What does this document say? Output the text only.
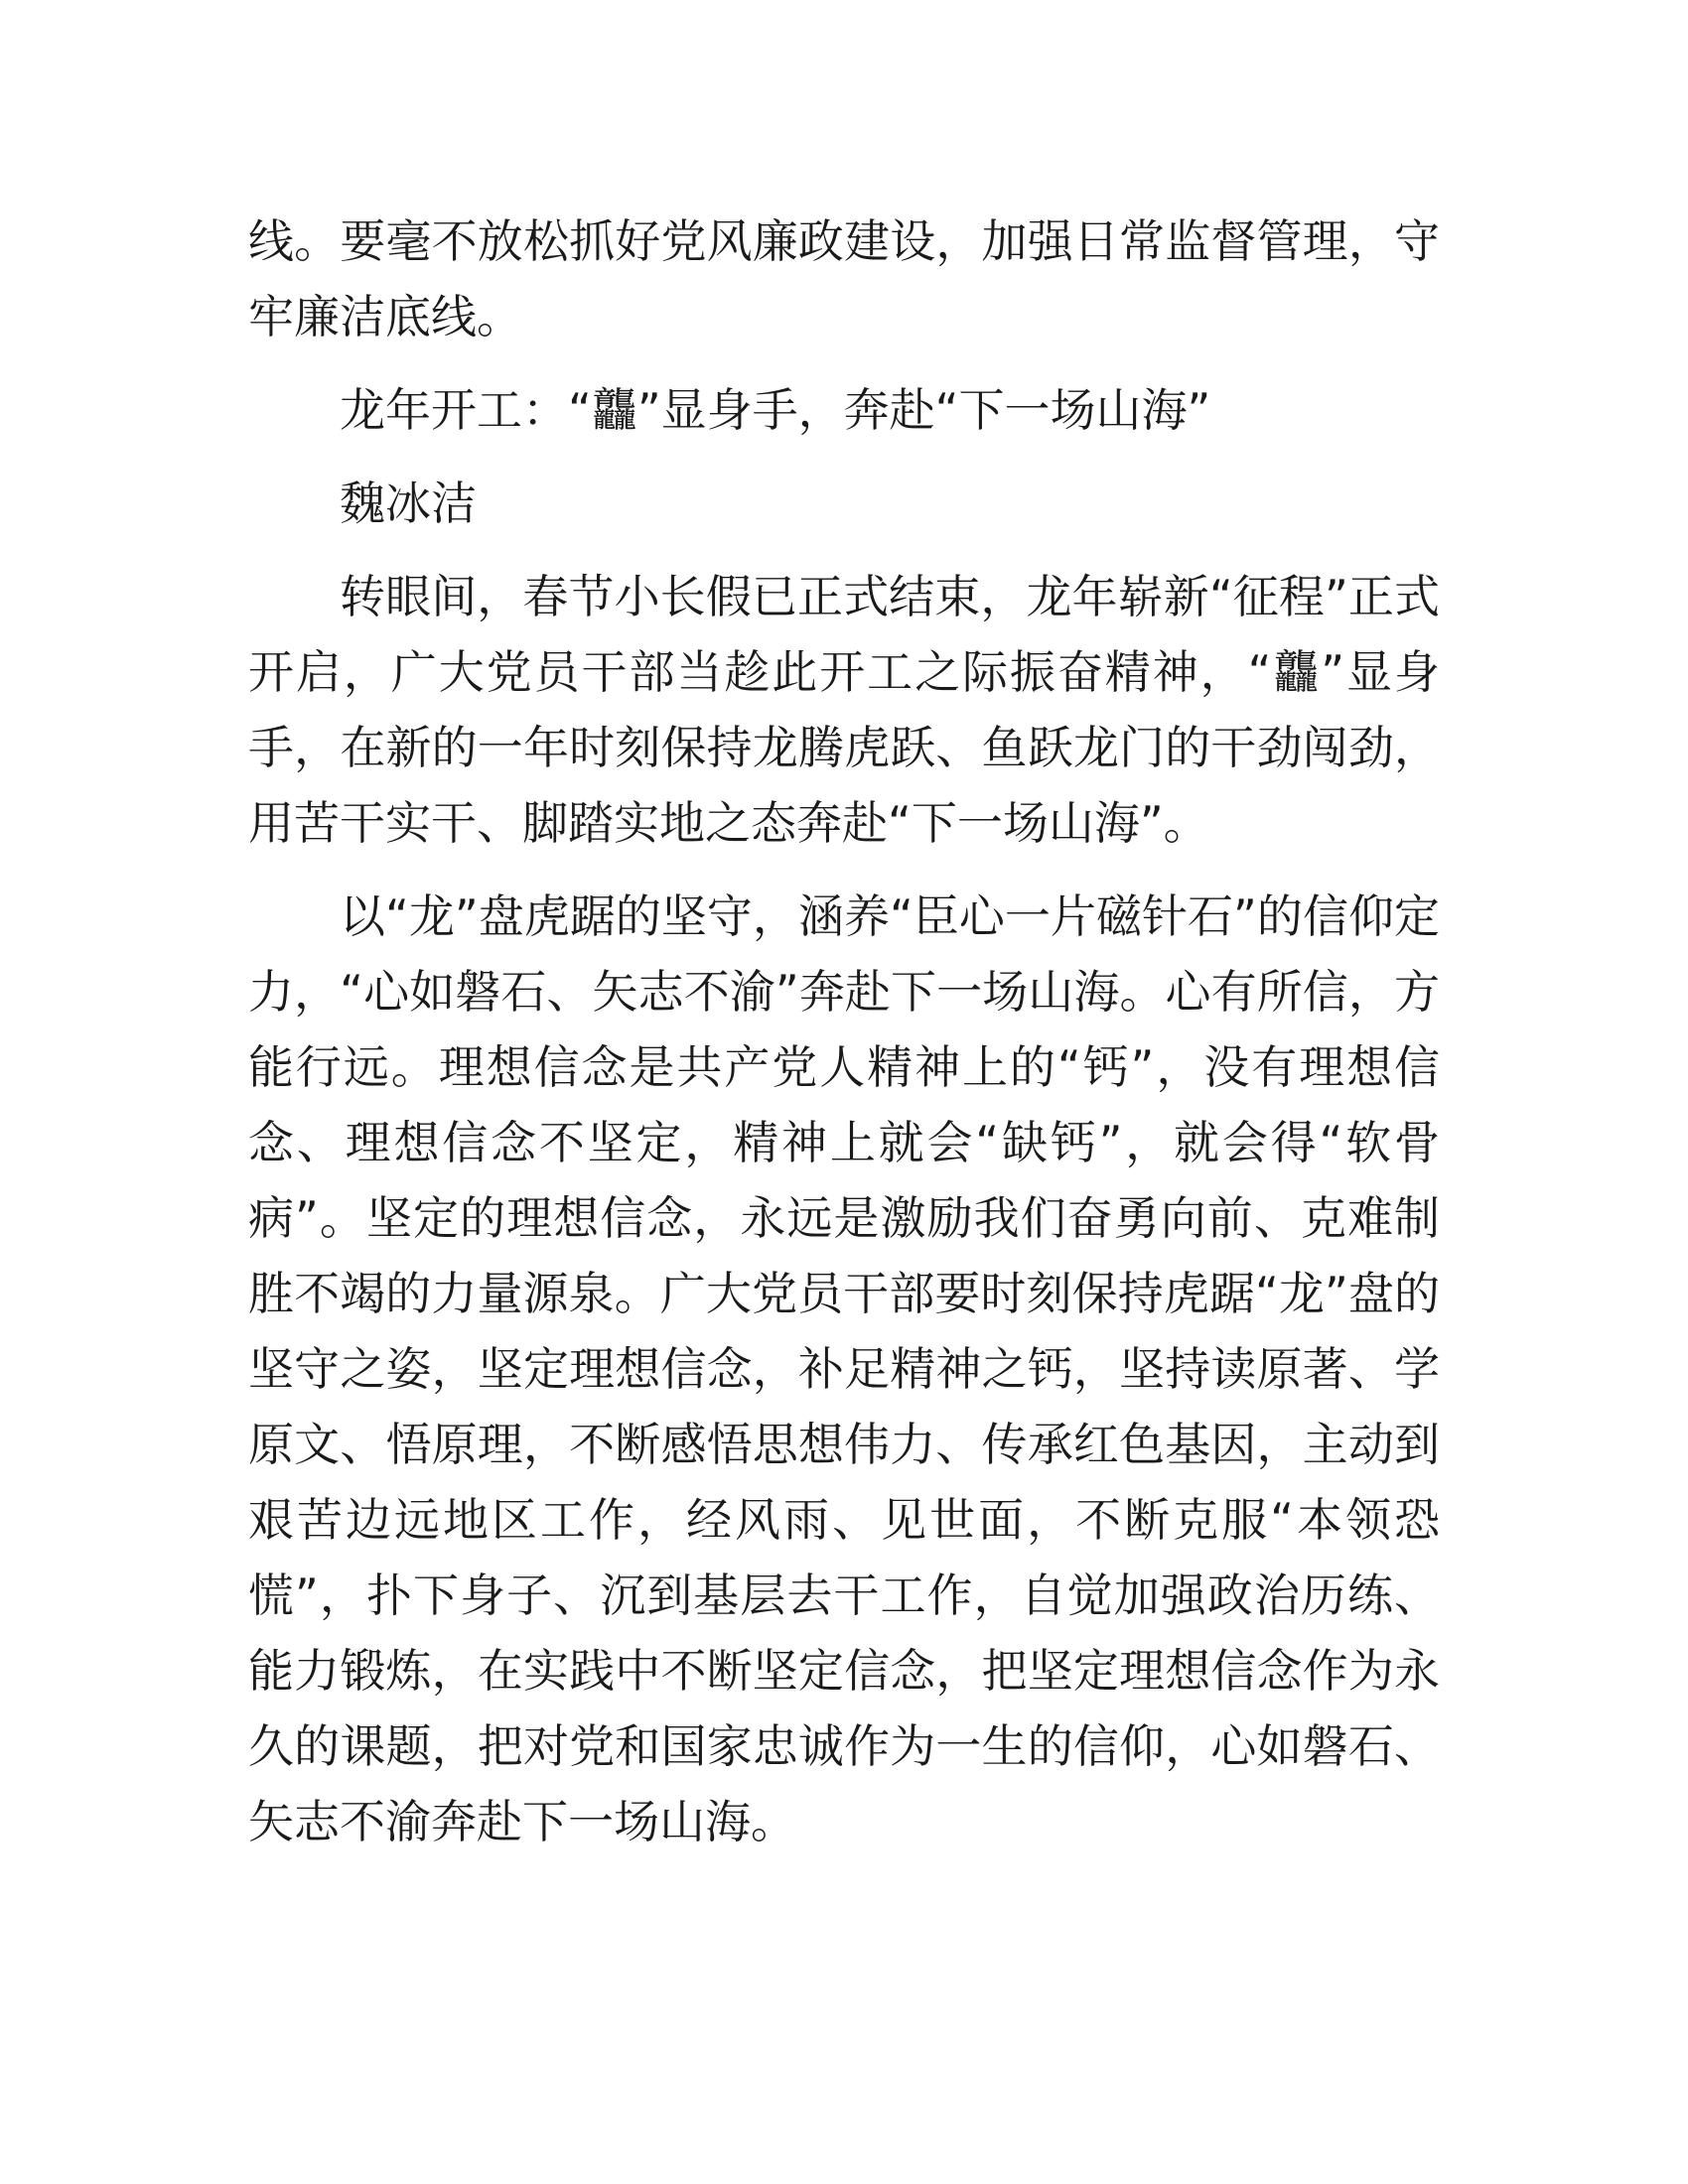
线。要毫不放松抓好党风廉政建设，加强日常监督管理，守牢廉洁底线。

龙年开工：“龘”显身手，奔赴“下一场山海”

魏冰洁

转眼间，春节小长假已正式结束，龙年崭新“征程”正式开启，广大党员干部当趁此开工之际振奋精神，“龘”显身手，在新的一年时刻保持龙腾虎跃、鱼跃龙门的干劲闯劲，用苦干实干、脚踏实地之态奔赴“下一场山海”。

以“龙”盘虎踞的坚守，涵养“臣心一片磁针石”的信仰定力，“心如磐石、矢志不渝”奔赴下一场山海。心有所信，方能行远。理想信念是共产党人精神上的“钙”，没有理想信念、理想信念不坚定，精神上就会“缺钙”，就会得“软骨病”。坚定的理想信念，永远是激励我们奋勇向前、克难制胜不竭的力量源泉。广大党员干部要时刻保持虎踞“龙”盘的坚守之姿，坚定理想信念，补足精神之钙，坚持读原著、学原文、悟原理，不断感悟思想伟力、传承红色基因，主动到艰苦边远地区工作，经风雨、见世面，不断克服“本领恐慌”，扑下身子、沉到基层去干工作，自觉加强政治历练、能力锻炼，在实践中不断坚定信念，把坚定理想信念作为永久的课题，把对党和国家忠诚作为一生的信仰，心如磐石、矢志不渝奔赴下一场山海。
